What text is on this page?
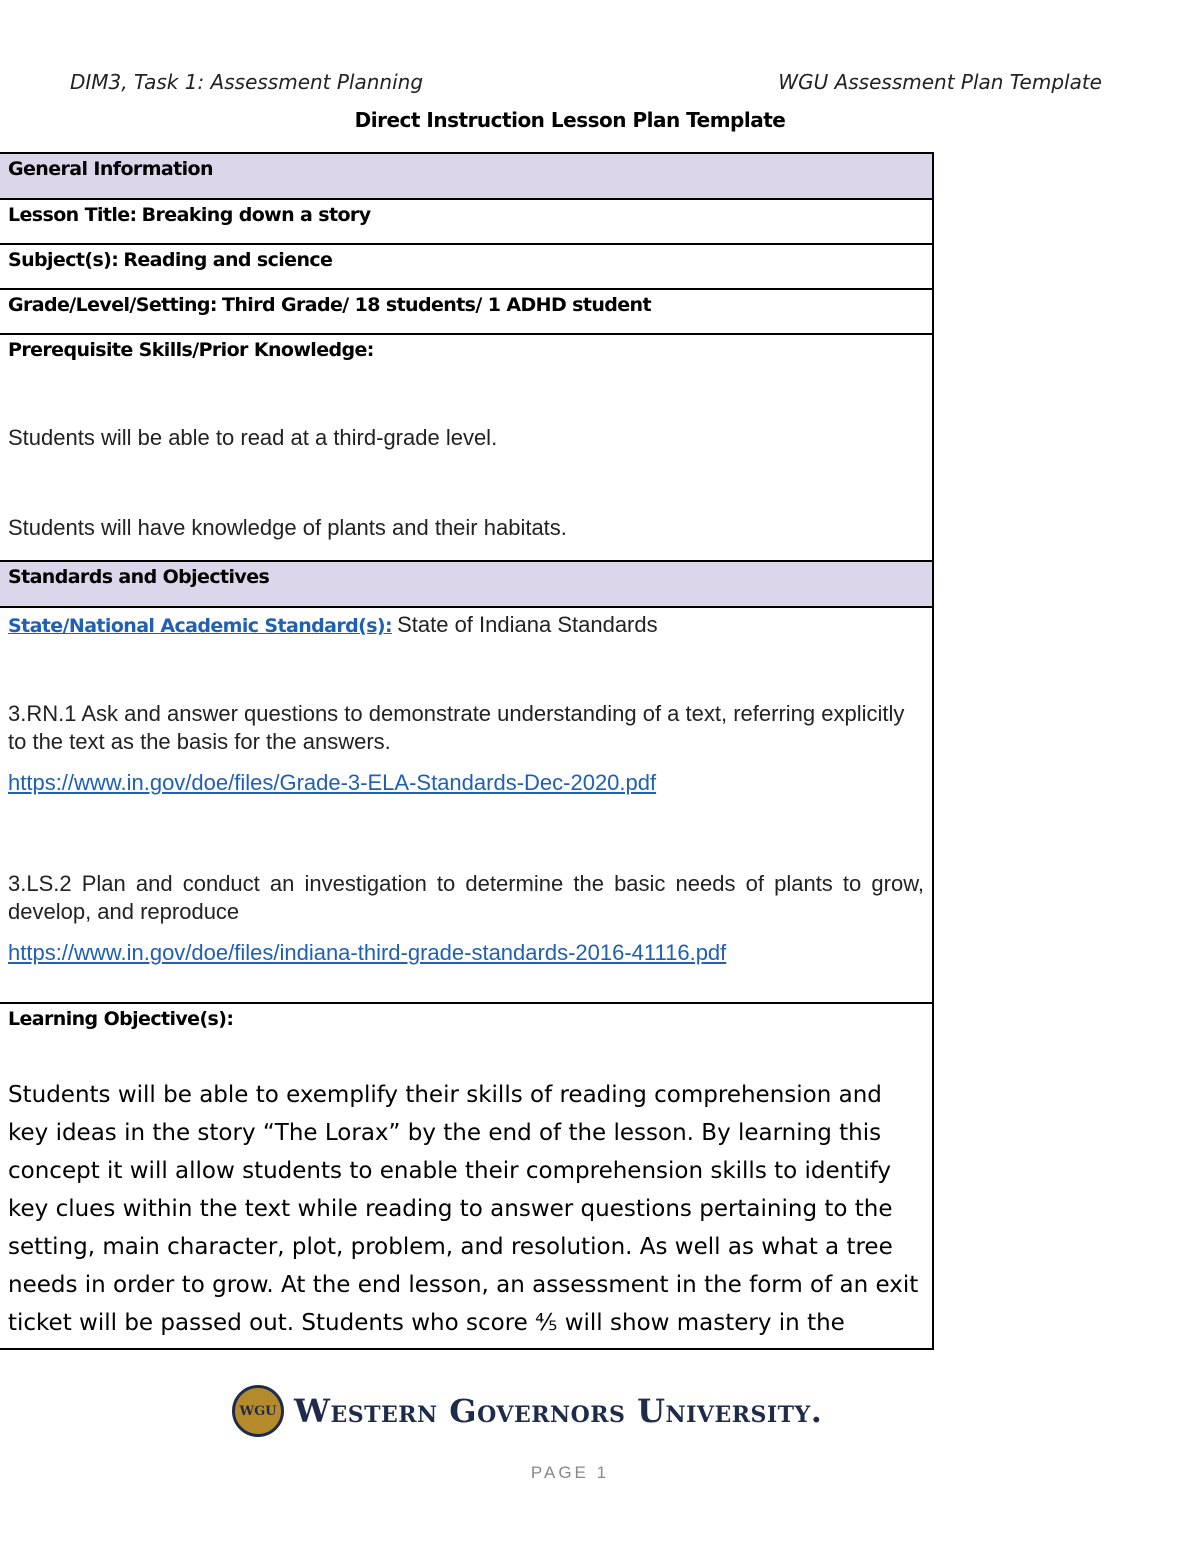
DIM3, Task 1: Assessment Planning	WGU Assessment Plan Template
Direct Instruction Lesson Plan Template
General Information
Lesson Title: Breaking down a story
Subject(s): Reading and science
Grade/Level/Setting: Third Grade/ 18 students/ 1 ADHD student
Prerequisite Skills/Prior Knowledge:

Students will be able to read at a third-grade level.

Students will have knowledge of plants and their habitats.

Standards and Objectives
State/National Academic Standard(s): State of Indiana Standards

3.RN.1 Ask and answer questions to demonstrate understanding of a text, referring explicitly to the text as the basis for the answers.

https://www.in.gov/doe/files/Grade-3-ELA-Standards-Dec-2020.pdf

3.LS.2 Plan and conduct an investigation to determine the basic needs of plants to grow, develop, and reproduce

https://www.in.gov/doe/files/indiana-third-grade-standards-2016-41116.pdf

Learning Objective(s):

Students will be able to exemplify their skills of reading comprehension and key ideas in the story “The Lorax” by the end of the lesson. By learning this concept it will allow students to enable their comprehension skills to identify key clues within the text while reading to answer questions pertaining to the setting, main character, plot, problem, and resolution. As well as what a tree needs in order to grow. At the end lesson, an assessment in the form of an exit ticket will be passed out. Students who score ⅘ will show mastery in the

WGU Western Governors University.
PAGE 1
